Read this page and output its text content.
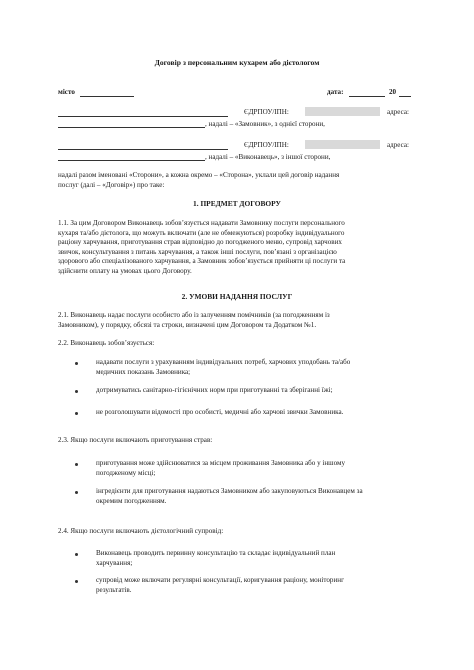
Договір з персональним кухарем або дієтологом
місто	дата:	20
ЄДРПОУ/ІПН:	адреса:
, надалі – «Замовник», з однієї сторони,
ЄДРПОУ/ІПН:	адреса:
, надалі – «Виконавець», з іншої сторони,
надалі разом іменовані «Сторони», а кожна окремо – «Сторона», уклали цей договір надання
послуг (далі – «Договір») про таке:
1. ПРЕДМЕТ ДОГОВОРУ
1.1. За цим Договором Виконавець зобов’язується надавати Замовнику послуги персонального
кухаря та/або дієтолога, що можуть включати (але не обмежуються) розробку індивідуального
раціону харчування, приготування страв відповідно до погодженого меню, супровід харчових
звичок, консультування з питань харчування, а також інші послуги, пов’язані з організацією
здорового або спеціалізованого харчування, а Замовник зобов’язується прийняти ці послуги та
здійснити оплату на умовах цього Договору.
2. УМОВИ НАДАННЯ ПОСЛУГ
2.1. Виконавець надає послуги особисто або із залученням помічників (за погодженням із
Замовником), у порядку, обсязі та строки, визначені цим Договором та Додатком №1.
2.2. Виконавець зобов’язується:
надавати послуги з урахуванням індивідуальних потреб, харчових уподобань та/або
медичних показань Замовника;
дотримуватись санітарно-гігієнічних норм при приготуванні та зберіганні їжі;
не розголошувати відомості про особисті, медичні або харчові звички Замовника.
2.3. Якщо послуги включають приготування страв:
приготування може здійснюватися за місцем проживання Замовника або у іншому
погодженому місці;
інгредієнти для приготування надаються Замовником або закуповуються Виконавцем за
окремим погодженням.
2.4. Якщо послуги включають дієтологічний супровід:
Виконавець проводить первинну консультацію та складає індивідуальний план
харчування;
супровід може включати регулярні консультації, коригування раціону, моніторинг
результатів.
